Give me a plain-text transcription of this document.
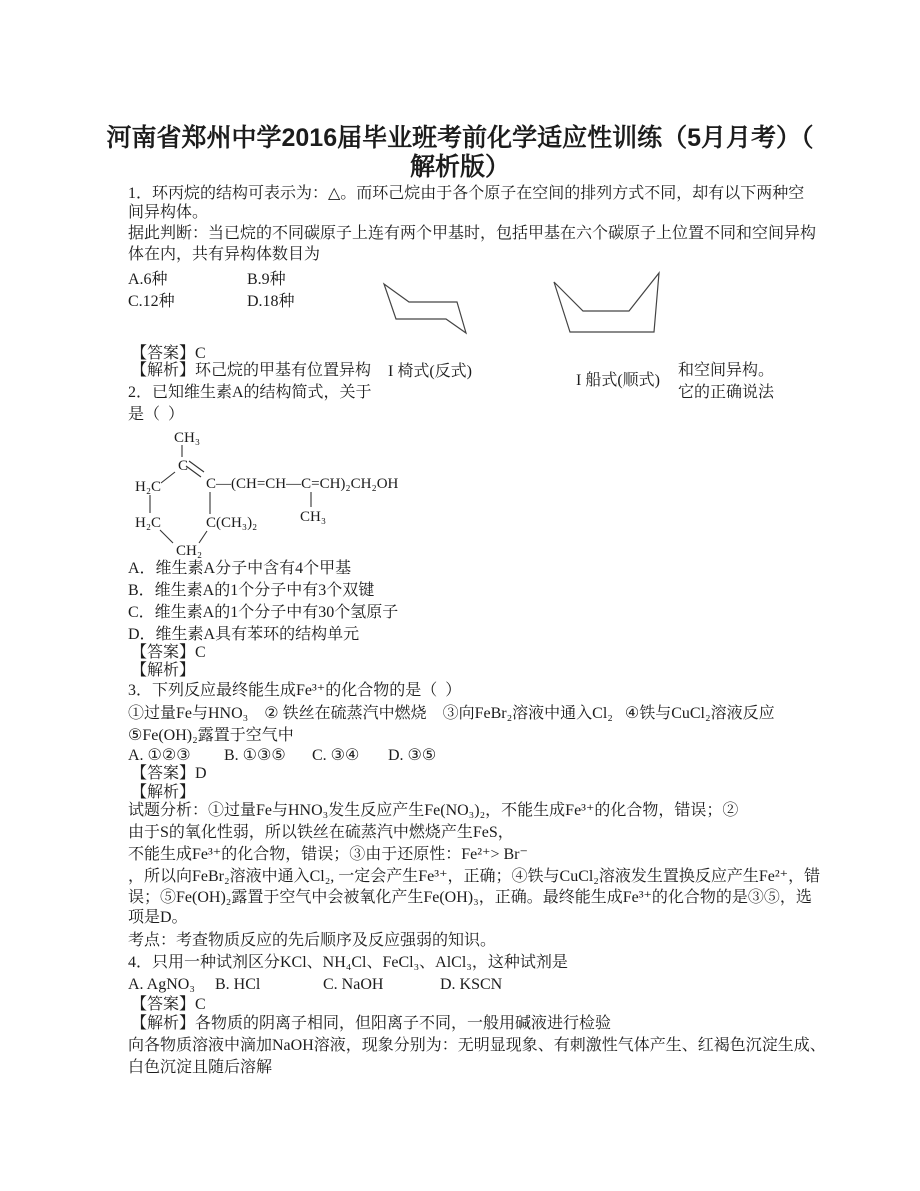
河南省郑州中学2016届毕业班考前化学适应性训练（5月月考）（
解析版）
1．环丙烷的结构可表示为：△。而环己烷由于各个原子在空间的排列方式不同，却有以下两种空
间异构体。
据此判断：当已烷的不同碳原子上连有两个甲基时，包括甲基在六个碳原子上位置不同和空间异构
体在内，共有异构体数目为
A.6种	B.9种
C.12种	D.18种
【答案】C
【解析】环己烷的甲基有位置异构 I 椅式(反式)
I 船式(顺式)
和空间异构。
2．已知维生素A的结构简式，关于	它的正确说法
是（  ）
CH₃
C
H₂C
H₂C
CH₂
C(CH₃)₂
C—(CH=CH—C=CH)₂CH₂OH
CH₃
A．维生素A分子中含有4个甲基
B．维生素A的1个分子中有3个双键
C．维生素A的1个分子中有30个氢原子
D．维生素A具有苯环的结构单元
【答案】C
【解析】
3．下列反应最终能生成Fe³⁺的化合物的是（  ）
①过量Fe与HNO₃    ② 铁丝在硫蒸汽中燃烧    ③向FeBr₂溶液中通入Cl₂   ④铁与CuCl₂溶液反应
⑤Fe(OH)₂露置于空气中
A. ①②③ B. ①③⑤ C. ③④ D. ③⑤
【答案】D
【解析】
试题分析：①过量Fe与HNO₃发生反应产生Fe(NO₃)₂，不能生成Fe³⁺的化合物，错误；②
由于S的氧化性弱，所以铁丝在硫蒸汽中燃烧产生FeS，
不能生成Fe³⁺的化合物，错误；③由于还原性：Fe²⁺> Br⁻
，所以向FeBr₂溶液中通入Cl₂, 一定会产生Fe³⁺，正确；④铁与CuCl₂溶液发生置换反应产生Fe²⁺，错
误；⑤Fe(OH)₂露置于空气中会被氧化产生Fe(OH)₃，正确。最终能生成Fe³⁺的化合物的是③⑤，选
项是D。
考点：考查物质反应的先后顺序及反应强弱的知识。
4．只用一种试剂区分KCl、NH₄Cl、FeCl₃、AlCl₃，这种试剂是
A. AgNO₃ B. HCl	C. NaOH	D. KSCN
【答案】C
【解析】各物质的阴离子相同，但阳离子不同，一般用碱液进行检验
向各物质溶液中滴加NaOH溶液，现象分别为：无明显现象、有刺激性气体产生、红褐色沉淀生成、
白色沉淀且随后溶解
